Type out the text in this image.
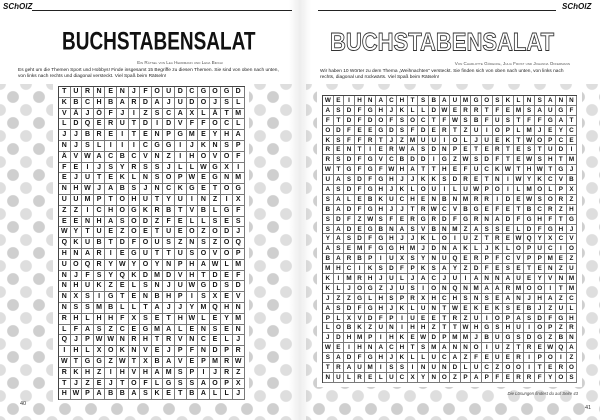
SChOlZ
BUCHSTABENSALAT
Ein Rätsel von Lea Herrmann und Lena Birchi
Es geht um die Themen Sport und Hobbys! Finde insgesamt 15 Begriffe zu diesen Themen. Sie sind von oben nach unten, von links nach rechts und diagonal versteckt. Viel Spaß beim Rätseln!
T U R N E N	J	F O U D C G O G D
K B C H B A R D A	J	U D O J	S	L
V Ä	J Ö F	J	I	Z	S C A X	L Ä T M
L D Q E R U T D	I	D V	F	F O C L
J	J	B R E	I	T	E N P G M E Y H A
N	J	S	L	I	I	I	C G G	I	J	K N S P
Ä V W A C B C V N Z	I	H O V O F
F	E	I	J	S Y R S S	J	L	L W G X	I
E	J	U T	E K L N S O P W E G N M
N H W J	A B S	J	N C K G E	T O G
U U M P	T O H U T	Y U	I	N Z	I	X
Z	Z	I	C H O G K R B T	V B L G F
E E N H A S O D Z	F	E	L	L	S E S
W Y	T U E	Z O E	T U E O Z O D	J
Q K U B T D F O U S	Z N S	Z O Q
H N A R	I	E G U T	T U S O V O P
U O Q R Y W Y O Y N P H A W L M
N	J	F	S Y Q K D M D V H T D E	F
N H U K Z	E	L	S N	J	U W G D S D
N X S	I	G T	E N B H P	I	S X E V
N S S M B L	L	T A	J	J	Y M Q H N
R H L H H F	X S E	T H W L	E Y M
L	F A S	Z C E G M A L	E N S E N
Q J	P W W N R H T R V N C E	L	J
I	H L	X O K N V E	J	P	F N D P R
W T G G Z W T	X B A V E P M R W
R K H Z	I	H V H A M S P	I	J	R Z
T	J	Z	E	J	T O F	L G S S A O P X
H W P A B B A S K E	T B A L	L	J
40
SChOlZ
BUCHSTABENSALAT
Von Charlotte Gödecke, Julia Frost und Johanna Offermann
Wir haben 10 Wörter zu dem Thema „Weihnachten“ versteckt. Sie finden sich von oben nach unten, von links nach rechts, diagonal und rückwärts. Viel Spaß beim Rätseln!
W E	I	H N A C H	T	S B A U M G O S K	L	N S A N N
A S D	F G H	J	K	L	L	D W E R R	T	F	E M S A U G F
F	T	D	F	D O F	S O C	T	F W S B	F	U S	T	F	F G A	T
O D	F	E	E G D S	F	D E R	T	Z	U	I	O P	L M J	E	Y C
K S	F	F	R	T	J	Z M U U	I	O L	J	U E K	T W O P C E
R E N	T	I	E R W A S D N P	E	T	E R	T	E	S	T	U D	I
R S D	F G V C B D D	I	G Z W S D	F	T	E W S H	T M
W T G F G F W H A	T	T	H E	F	U C K W T	H W T G	J
U A S D	F G H	J	J	K K S D R E	T	N	I	W Y K C V B
A S D	F G H	J	K	L O U	I	L	U W P O	I	L M O L	P	X
S A	L	E B K U C H E N B N M R R	I	D E W S O R	Z
B A D	F G H	J	J	T	R W C V B G E	F	E	T	B C R	Z	H
S D	F	Z W S	F	E R G R D	F G R N A D	F G H	F	T G
S A D E G B N A S	V B N M Z	A S	S	E	L	D	F G H	J
Y A S D	F G H	J	J	K	L O	I	U	Z	T	R E W Q Y	X C V
A S	E M F G G H M J	D N A K	L	J	K	L O P U C	I	O
B A R B P	I	U X	S	Y N U Q E R P	F	C V	P	P M E	Z
M H C	I	K S D	F	P K S A Y	Z	D	F	E	S	E	T	E N	Z	U
K	I	M R H	J	U	L	J	A C	J	U	I	A N N A U E	Y	V N M
K	L	J	O G Z	J	U S	I	O N Q N M A A R M O O	I	T M
J	Z	Z G L	H S	P R X H C H S N S	E A N	J	H A	Z	C
A S D	F G H	J	K	L	U N	T W E K E K S	E B	J	Z	U	L
P	L	X	V D	F	P	I	U E	E	T	R	Z	U	I	O P A S D	F G H
L O B K	Z	U N	I	H H	Z	T	T W H G S H U	I	O P	Z	R
J	D H M P	I	H K E W D P M M J	B U G S D G Z	B N
W E	I	H N A C H	T	S M A N N O	I	U	Z	T	R E W Q A
S A D	F G H	J	K	L	L	U C A	Z	F	E U E R	I	P O	I	Z
T	R A U M	I	S	S	I	N U N D	L	U C	Z O O	I	T	E R O
N U	L	R E	L	U C X	Y N O Z	P A P	F	E R R	F	Y O S
Die Lösungen findest du auf Seite 43
41
